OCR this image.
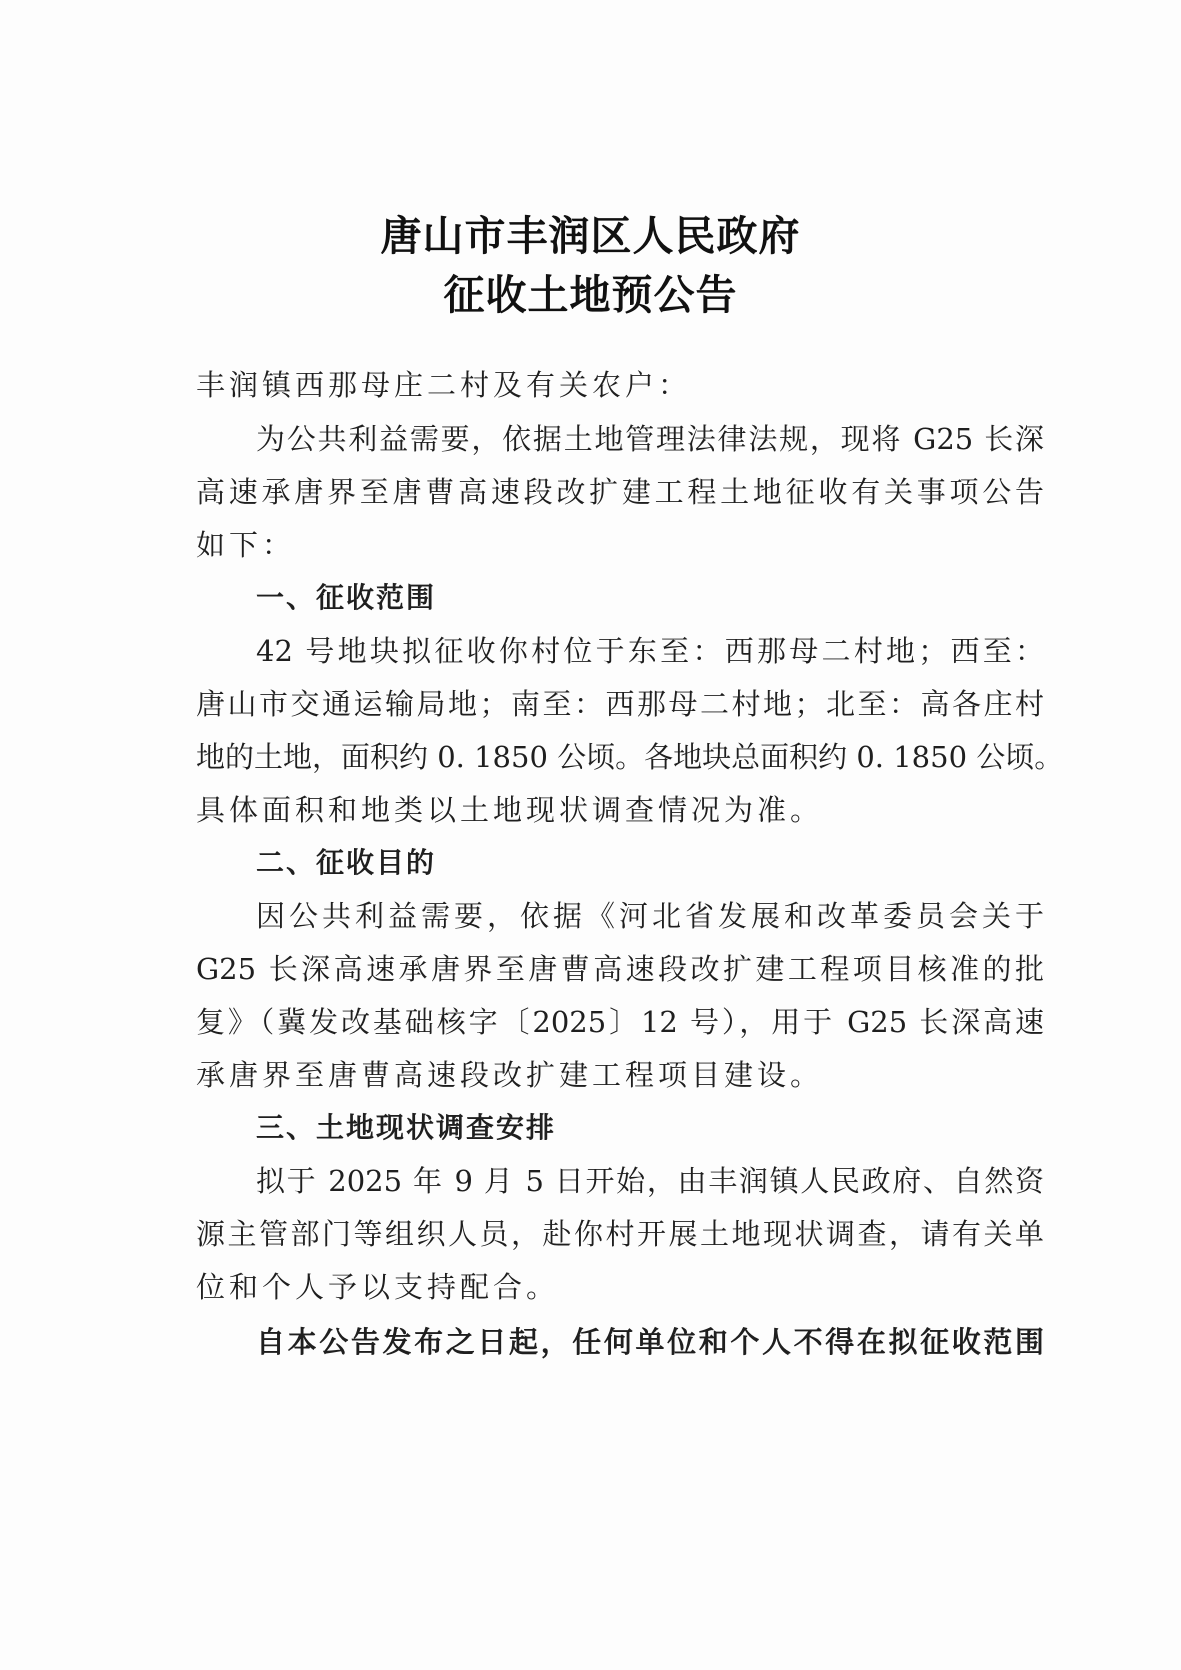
唐山市丰润区人民政府
征收土地预公告
丰润镇西那母庄二村及有关农户：
为公共利益需要，依据土地管理法律法规，现将 G25 长深
高速承唐界至唐曹高速段改扩建工程土地征收有关事项公告
如下：
一、征收范围
42 号地块拟征收你村位于东至：西那母二村地；西至：
唐山市交通运输局地；南至：西那母二村地；北至：高各庄村
地的土地，面积约 0. 1850 公顷。各地块总面积约 0. 1850 公顷。
具体面积和地类以土地现状调查情况为准。
二、征收目的
因公共利益需要，依据《河北省发展和改革委员会关于
G25 长深高速承唐界至唐曹高速段改扩建工程项目核准的批
复》（冀发改基础核字〔2025〕12 号），用于 G25 长深高速
承唐界至唐曹高速段改扩建工程项目建设。
三、土地现状调查安排
拟于 2025 年 9 月 5 日开始，由丰润镇人民政府、自然资
源主管部门等组织人员，赴你村开展土地现状调查，请有关单
位和个人予以支持配合。
自本公告发布之日起，任何单位和个人不得在拟征收范围
